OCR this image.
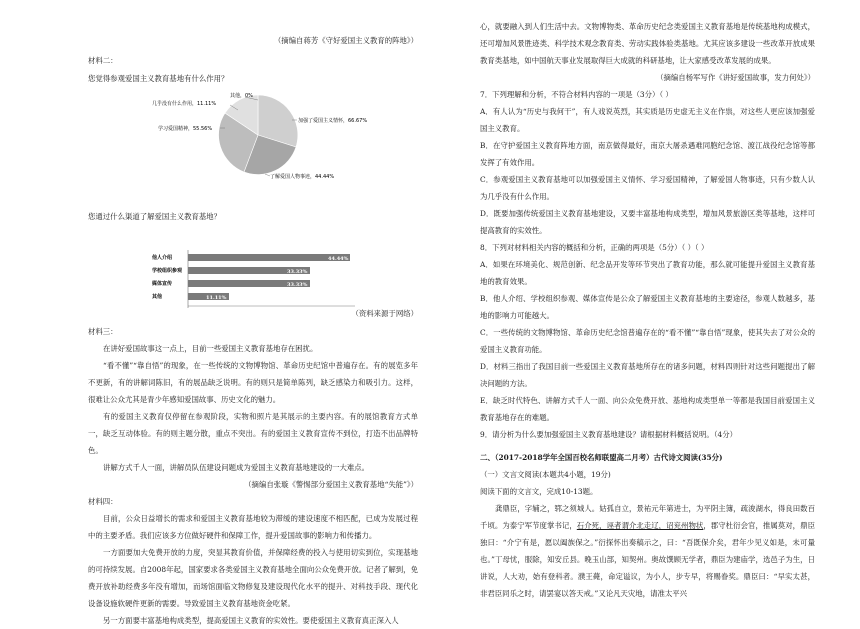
（摘编自蒋芳《守好爱国主义教育的阵地》）

材料二：

您觉得参观爱国主义教育基地有什么作用？

其他，0%
几乎没有什么作用，11.11%
学习爱国精神，55.56%
加强了爱国主义情怀，66.67%
了解爱国人物事迹，44.44%

您通过什么渠道了解爱国主义教育基地？

他人介绍	44.44%
学校组织参观	33.33%
媒体宣传	33.33%
其他	11.11%

（资料来源于网络）

材料三：

在讲好爱国故事这一点上，目前一些爱国主义教育基地存在困扰。

“看不懂”“靠自悟”的现象，在一些传统的文物博物馆、革命历史纪馆中普遍存在。有的展览多年不更新，有的讲解词陈旧，有的展品缺乏说明。有的则只是简单陈列，缺乏感染力和吸引力。这样，很难让公众尤其是青少年感知爱国故事、历史文化的魅力。

有的爱国主义教育仅停留在参观阶段，实物和照片是其展示的主要内容。有的展馆教育方式单一，缺乏互动体验。有的则主题分散，重点不突出。有的爱国主义教育宣传不到位，打造不出品牌特色。

讲解方式千人一面，讲解员队伍建设问题成为爱国主义教育基地建设的一大难点。

（摘编自张璇《警惕部分爱国主义教育基地“失能”》）

材料四：

目前，公众日益增长的需求和爱国主义教育基地较为滞缓的建设速度不相匹配，已成为发展过程中的主要矛盾。我们应该多方位做好硬件和保障工作，提升爱国故事的影响力和传播力。

一方面要加大免费开放的力度，突显其教育价值，并保障经费的投入与使用切实到位，实现基地的可持续发展。自2008年起，国家要求各类爱国主义教育基地全面向公众免费开放。记者了解到，免费开放补助经费多年没有增加，而场馆面临文物修复及建设现代化水平的提升、对科技手段、现代化设备设施软硬件更新的需要。导致爱国主义教育基地资金吃紧。

另一方面要丰富基地构成类型，提高爱国主义教育的实效性。要使爱国主义教育真正深入人

心，就要融入到人们生活中去。文物博物类、革命历史纪念类爱国主义教育基地是传统基地构成模式，还可增加风景胜迹类、科学技术观念教育类、劳动实践体验类基地。尤其应该多建设一些改革开放成果教育类基地，如中国航天事业发展取得巨大成就的科研基地，让大家感受改革发展的成果。

（摘编自杨军写作《讲好爱国故事，发力何处》）

7．下列理解和分析，不符合材料内容的一项是（3分）（ ）

A．有人认为“历史与我何干”，有人戏说英烈，其实质是历史虚无主义在作祟，对这些人更应该加强爱国主义教育。

B．在守护爱国主义教育阵地方面，南京做得最好，南京大屠杀遇难同胞纪念馆、渡江战役纪念馆等都发挥了有效作用。

C．参观爱国主义教育基地可以加强爱国主义情怀、学习爱国精神，了解爱国人物事迹，只有少数人认为几乎没有什么作用。

D．既要加强传统爱国主义教育基地建设，又要丰富基地构成类型，增加风景旅游区类等基地，这样可提高教育的实效性。

8．下列对材料相关内容的概括和分析，正确的两项是（5分）（ ）（ ）

A．如果在环境美化、规范创新、纪念品开发等环节突出了教育功能，那么就可能提升爱国主义教育基地的教育效果。

B．他人介绍、学校组织参观、媒体宣传是公众了解爱国主义教育基地的主要途径，参观人数越多，基地的影响力可能越大。

C．一些传统的文物博物馆、革命历史纪念馆普遍存在的“看不懂”“靠自悟”现象，使其失去了对公众的爱国主义教育功能。

D．材料三指出了我国目前一些爱国主义教育基地所存在的诸多问题，材料四则针对这些问题提出了解决问题的方法。

E．缺乏时代特色、讲解方式千人一面、向公众免费开放、基地构成类型单一等都是我国目前爱国主义教育基地存在的难题。

9．请分析为什么要加强爱国主义教育基地建设？请根据材料概括说明。（4分）

二、（2017-2018学年全国百校名师联盟高二月考）古代诗文阅读(35分)

（一）文言文阅读(本题共4小题，19分)

阅读下面的文言文，完成10-13题。

龚鼎臣，字辅之，郓之须城人。姑孤自立，景祐元年第进士，为平阴主簿，疏浚湖水，得良田数百千顷。为泰宁军节度掌书记，石介死，诬者谓介北走辽，诏兖州物状，郡守杜衍会官，推属莫对，鼎臣独曰：“介宁有是，愿以阖族保之。”衍探怀出奏稿示之，曰：“吾既保介矣，君年少见义如是，未可量也。”丁母忧，服除，知安丘县。晚玉山部，知契州。奥故馔顾无学者，鼎臣为建庙学，选邑子为生，日讲说，人大劝，始有登科者。濮王薨，命定谥议，为小人，步专早，将赐眷奖。鼎臣曰：“早实太甚，非君臣同乐之时，请罢宴以答天戒。”又论凡天灾地，请准太平兴
